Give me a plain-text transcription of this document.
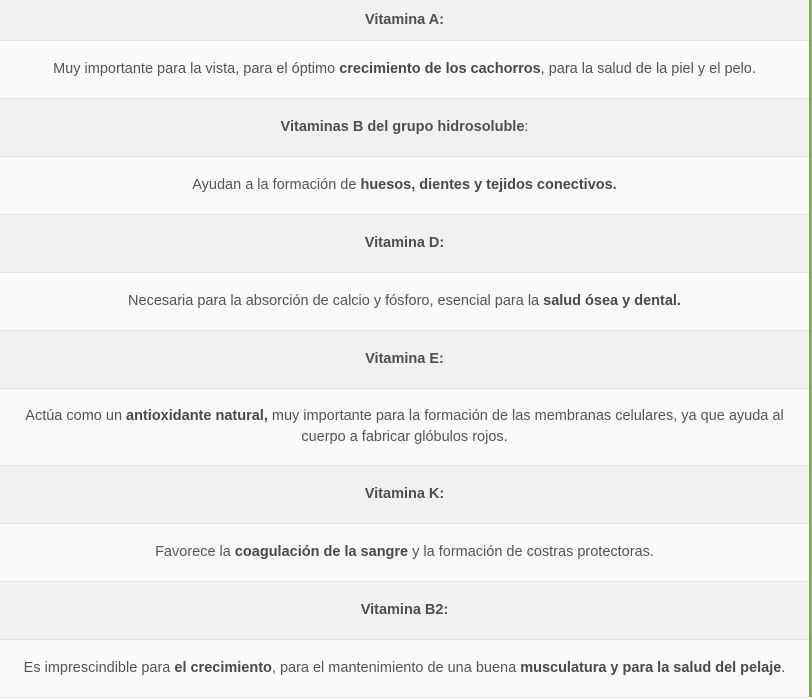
Vitamina A:
Muy importante para la vista, para el óptimo crecimiento de los cachorros, para la salud de la piel y el pelo.
Vitaminas B del grupo hidrosoluble:
Ayudan a la formación de huesos, dientes y tejidos conectivos.
Vitamina D:
Necesaria para la absorción de calcio y fósforo, esencial para la salud ósea y dental.
Vitamina E:
Actúa como un antioxidante natural, muy importante para la formación de las membranas celulares, ya que ayuda al cuerpo a fabricar glóbulos rojos.
Vitamina K:
Favorece la coagulación de la sangre y la formación de costras protectoras.
Vitamina B2:
Es imprescindible para el crecimiento, para el mantenimiento de una buena musculatura y para la salud del pelaje.
